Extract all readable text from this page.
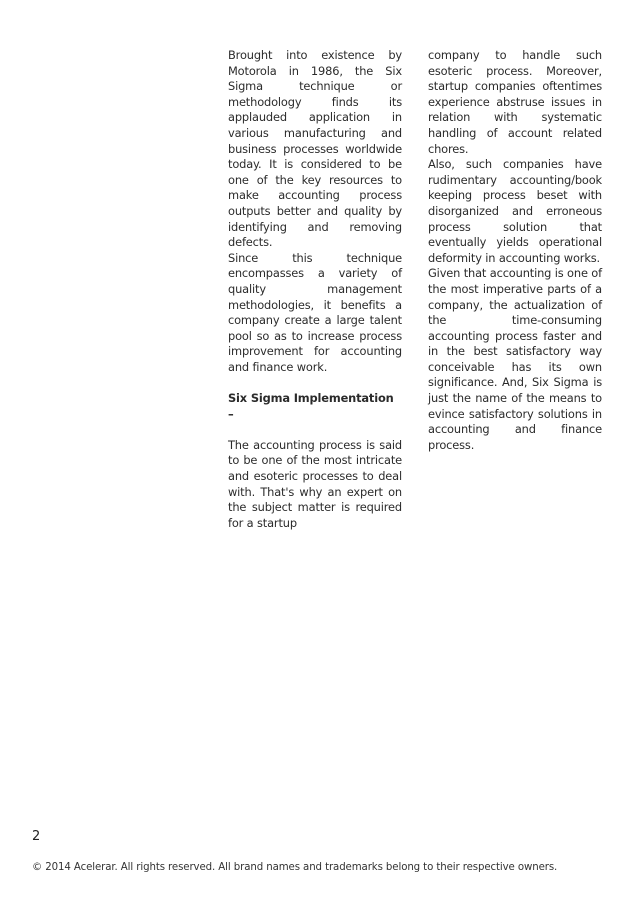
Brought into existence by Motorola in 1986, the Six Sigma technique or methodology finds its applauded application in various manufacturing and business processes worldwide today. It is considered to be one of the key resources to make accounting process outputs better and quality by identifying and removing defects.

Since this technique encompasses a variety of quality management methodologies, it benefits a company create a large talent pool so as to increase process improvement for accounting and finance work.

Six Sigma Implementation –

The accounting process is said to be one of the most intricate and esoteric processes to deal with. That's why an expert on the subject matter is required for a startup

company to handle such esoteric process. Moreover, startup companies oftentimes experience abstruse issues in relation with systematic handling of account related chores.

Also, such companies have rudimentary accounting/book keeping process beset with disorganized and erroneous process solution that eventually yields operational deformity in accounting works.

Given that accounting is one of the most imperative parts of a company, the actualization of the time-consuming accounting process faster and in the best satisfactory way conceivable has its own significance. And, Six Sigma is just the name of the means to evince satisfactory solutions in accounting and finance process.

2
© 2014 Acelerar. All rights reserved. All brand names and trademarks belong to their respective owners.
